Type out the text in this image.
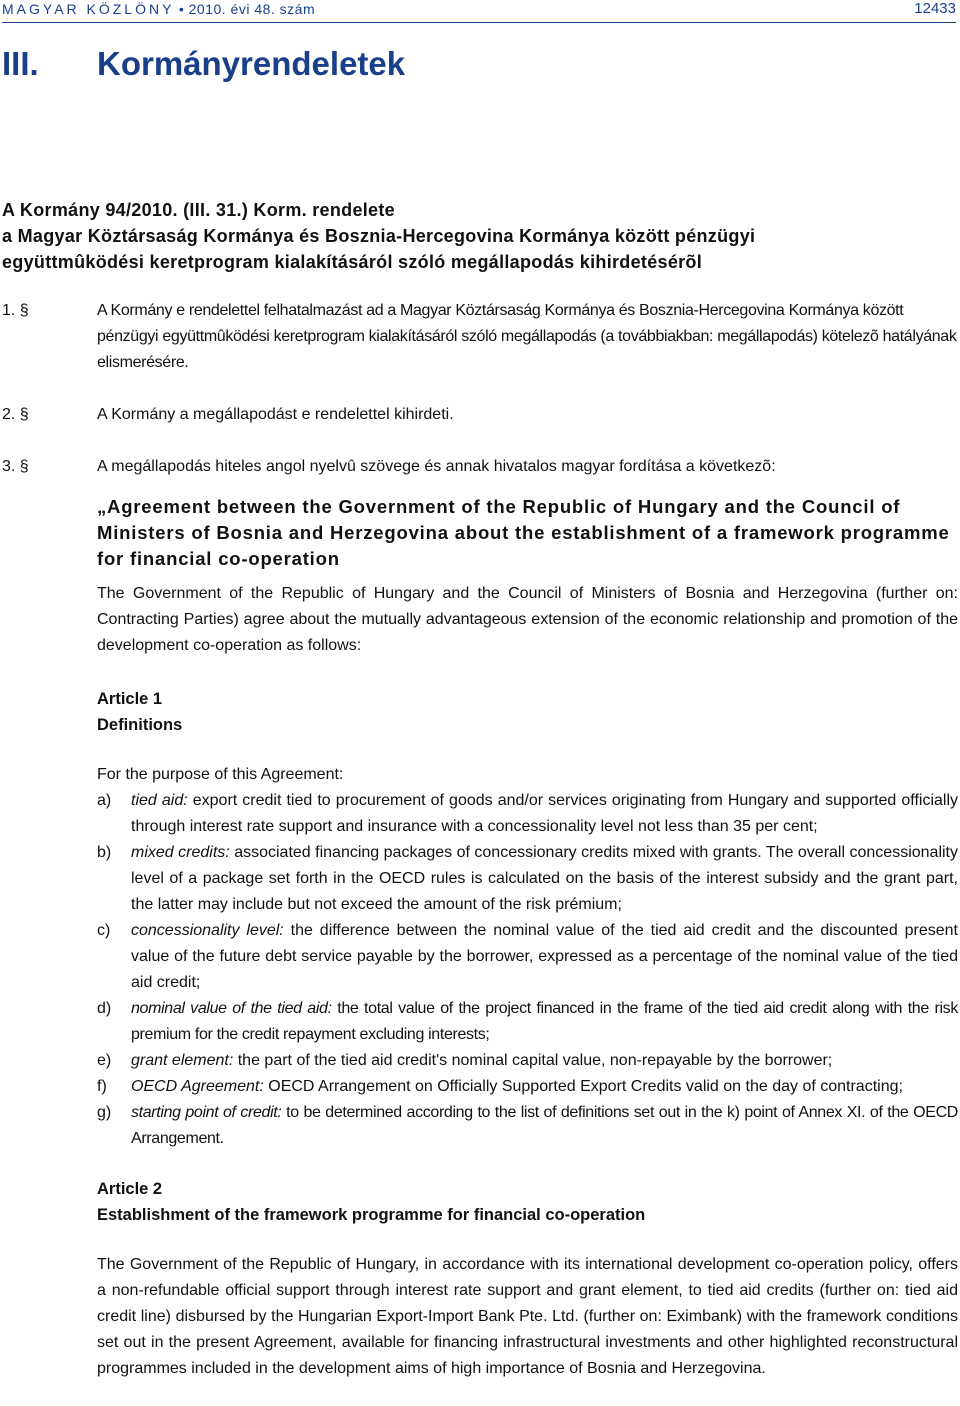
MAGYAR KÖZLÖNY • 2010. évi 48. szám	12433
III. Kormányrendeletek
A Kormány 94/2010. (III. 31.) Korm. rendelete
a Magyar Köztársaság Kormánya és Bosznia-Hercegovina Kormánya között pénzügyi
együttmûködési keretprogram kialakításáról szóló megállapodás kihirdetésérõl
1. §	A Kormány e rendelettel felhatalmazást ad a Magyar Köztársaság Kormánya és Bosznia-Hercegovina Kormánya között pénzügyi együttmûködési keretprogram kialakításáról szóló megállapodás (a továbbiakban: megállapodás) kötelezõ hatályának elismerésére.
2. §	A Kormány a megállapodást e rendelettel kihirdeti.
3. §	A megállapodás hiteles angol nyelvû szövege és annak hivatalos magyar fordítása a következõ:
„Agreement between the Government of the Republic of Hungary and the Council of
Ministers of Bosnia and Herzegovina about the establishment of a framework programme
for financial co-operation
The Government of the Republic of Hungary and the Council of Ministers of Bosnia and Herzegovina (further on: Contracting Parties) agree about the mutually advantageous extension of the economic relationship and promotion of the development co-operation as follows:
Article 1
Definitions
For the purpose of this Agreement:
a) tied aid: export credit tied to procurement of goods and/or services originating from Hungary and supported officially through interest rate support and insurance with a concessionality level not less than 35 per cent;
b) mixed credits: associated financing packages of concessionary credits mixed with grants. The overall concessionality level of a package set forth in the OECD rules is calculated on the basis of the interest subsidy and the grant part, the latter may include but not exceed the amount of the risk prémium;
c) concessionality level: the difference between the nominal value of the tied aid credit and the discounted present value of the future debt service payable by the borrower, expressed as a percentage of the nominal value of the tied aid credit;
d) nominal value of the tied aid: the total value of the project financed in the frame of the tied aid credit along with the risk premium for the credit repayment excluding interests;
e) grant element: the part of the tied aid credit's nominal capital value, non-repayable by the borrower;
f) OECD Agreement: OECD Arrangement on Officially Supported Export Credits valid on the day of contracting;
g) starting point of credit: to be determined according to the list of definitions set out in the k) point of Annex XI. of the OECD Arrangement.
Article 2
Establishment of the framework programme for financial co-operation
The Government of the Republic of Hungary, in accordance with its international development co-operation policy, offers a non-refundable official support through interest rate support and grant element, to tied aid credits (further on: tied aid credit line) disbursed by the Hungarian Export-Import Bank Pte. Ltd. (further on: Eximbank) with the framework conditions set out in the present Agreement, available for financing infrastructural investments and other highlighted reconstructural programmes included in the development aims of high importance of Bosnia and Herzegovina.
